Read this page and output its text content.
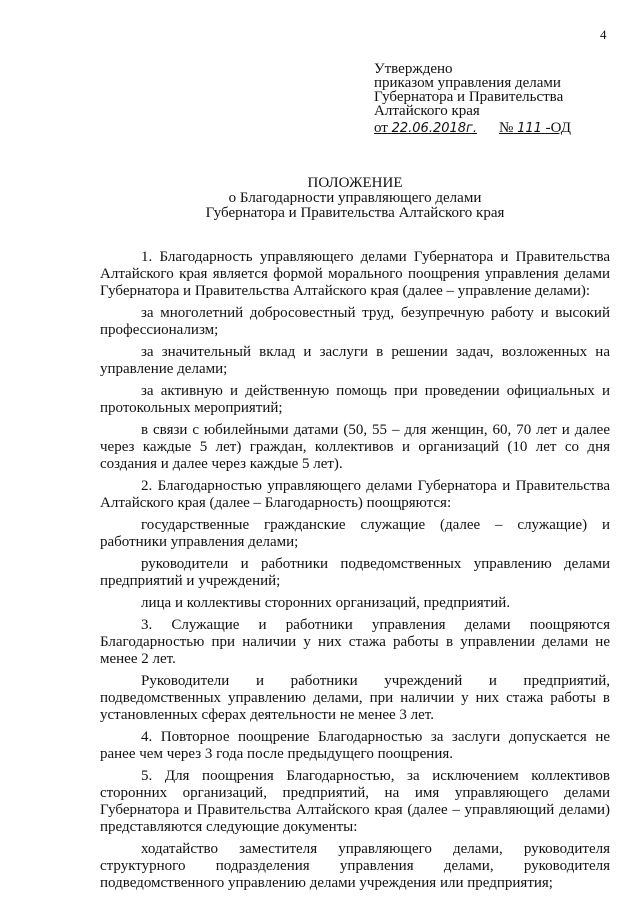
4
Утверждено
приказом управления делами
Губернатора и Правительства
Алтайского края
от 22.06.2018г. № 111 -ОД
ПОЛОЖЕНИЕ
о Благодарности управляющего делами
Губернатора и Правительства Алтайского края

1. Благодарность управляющего делами Губернатора и Правительства Алтайского края является формой морального поощрения управления делами Губернатора и Правительства Алтайского края (далее – управление делами):

за многолетний добросовестный труд, безупречную работу и высокий профессионализм;

за значительный вклад и заслуги в решении задач, возложенных на управление делами;

за активную и действенную помощь при проведении официальных и протокольных мероприятий;

в связи с юбилейными датами (50, 55 – для женщин, 60, 70 лет и далее через каждые 5 лет) граждан, коллективов и организаций (10 лет со дня создания и далее через каждые 5 лет).

2. Благодарностью управляющего делами Губернатора и Правительства Алтайского края (далее – Благодарность) поощряются:

государственные гражданские служащие (далее – служащие) и работники управления делами;

руководители и работники подведомственных управлению делами предприятий и учреждений;

лица и коллективы сторонних организаций, предприятий.

3. Служащие и работники управления делами поощряются Благодарностью при наличии у них стажа работы в управлении делами не менее 2 лет.

Руководители и работники учреждений и предприятий, подведомственных управлению делами, при наличии у них стажа работы в установленных сферах деятельности не менее 3 лет.

4. Повторное поощрение Благодарностью за заслуги допускается не ранее чем через 3 года после предыдущего поощрения.

5. Для поощрения Благодарностью, за исключением коллективов сторонних организаций, предприятий, на имя управляющего делами Губернатора и Правительства Алтайского края (далее – управляющий делами) представляются следующие документы:

ходатайство заместителя управляющего делами, руководителя структурного подразделения управления делами, руководителя подведомственного управлению делами учреждения или предприятия;
